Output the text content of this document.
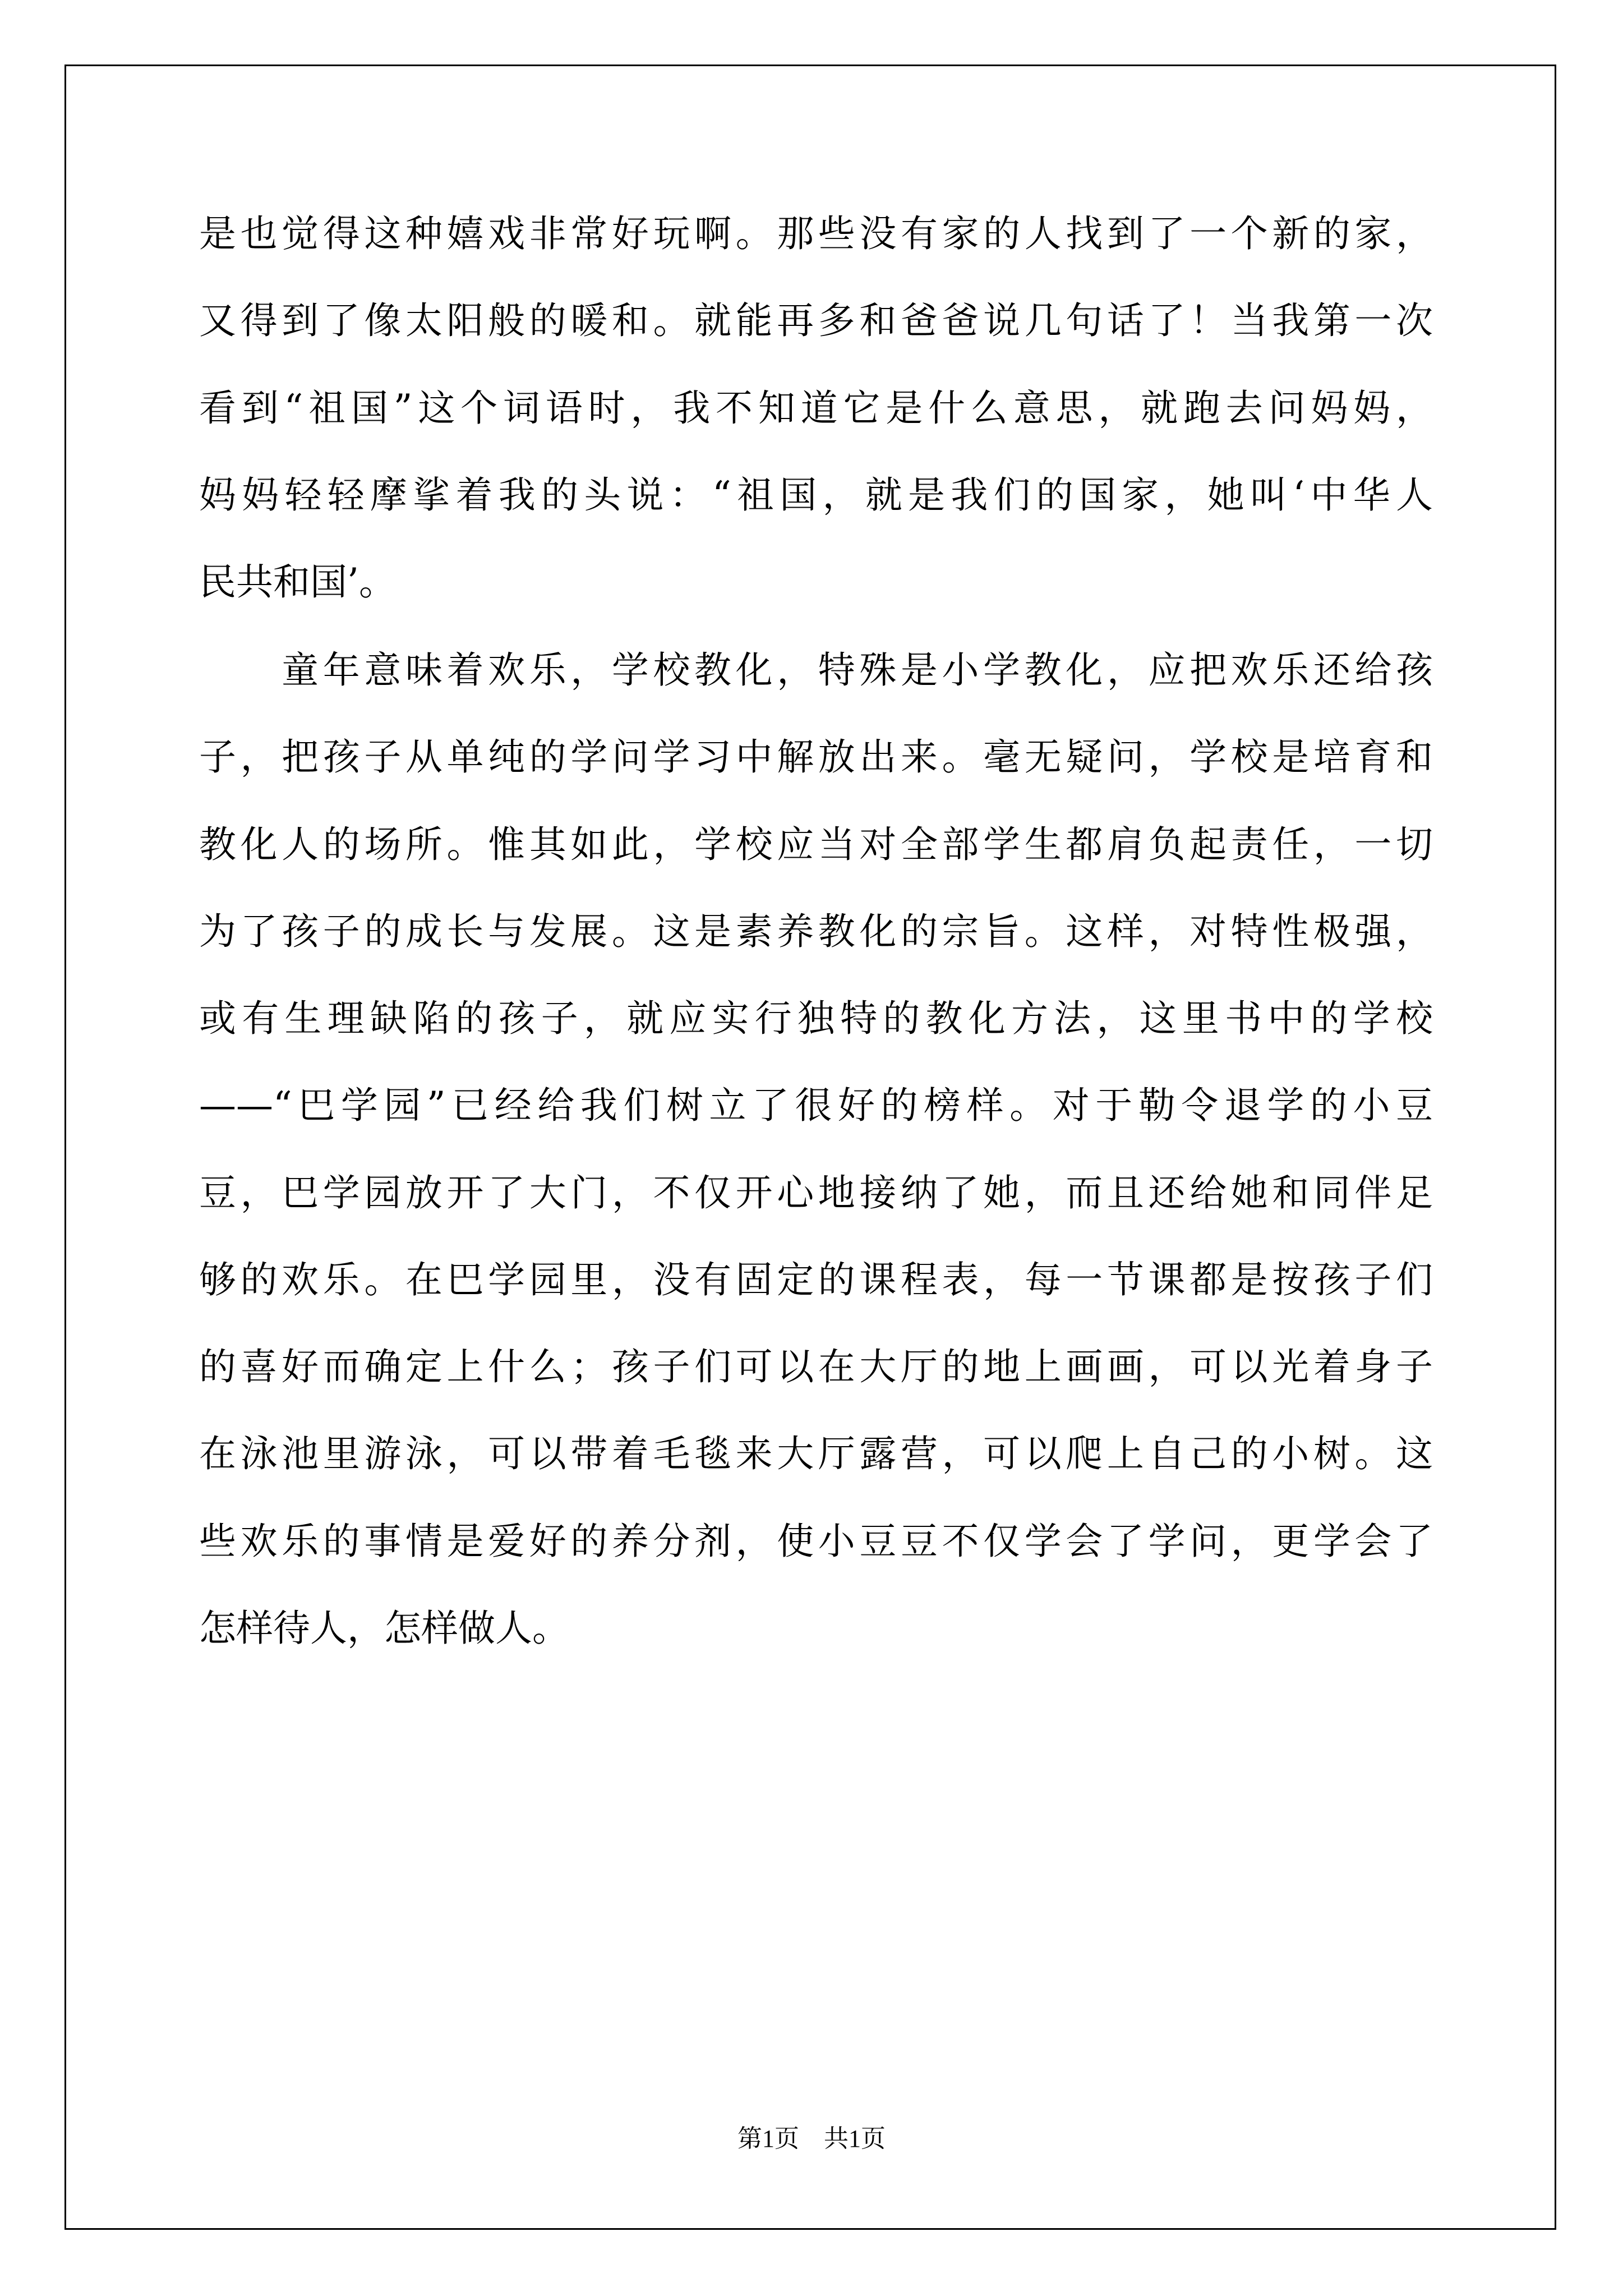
是也觉得这种嬉戏非常好玩啊。那些没有家的人找到了一个新的家，

又得到了像太阳般的暖和。就能再多和爸爸说几句话了！当我第一次

看到“祖国”这个词语时，我不知道它是什么意思，就跑去问妈妈，

妈妈轻轻摩挲着我的头说：“祖国，就是我们的国家，她叫‘中华人

民共和国’。

　　童年意味着欢乐，学校教化，特殊是小学教化，应把欢乐还给孩

子，把孩子从单纯的学问学习中解放出来。毫无疑问，学校是培育和

教化人的场所。惟其如此，学校应当对全部学生都肩负起责任，一切

为了孩子的成长与发展。这是素养教化的宗旨。这样，对特性极强，

或有生理缺陷的孩子，就应实行独特的教化方法，这里书中的学校

——“巴学园”已经给我们树立了很好的榜样。对于勒令退学的小豆

豆，巴学园放开了大门，不仅开心地接纳了她，而且还给她和同伴足

够的欢乐。在巴学园里，没有固定的课程表，每一节课都是按孩子们

的喜好而确定上什么；孩子们可以在大厅的地上画画，可以光着身子

在泳池里游泳，可以带着毛毯来大厅露营，可以爬上自己的小树。这

些欢乐的事情是爱好的养分剂，使小豆豆不仅学会了学问，更学会了

怎样待人，怎样做人。

第1页　共1页
